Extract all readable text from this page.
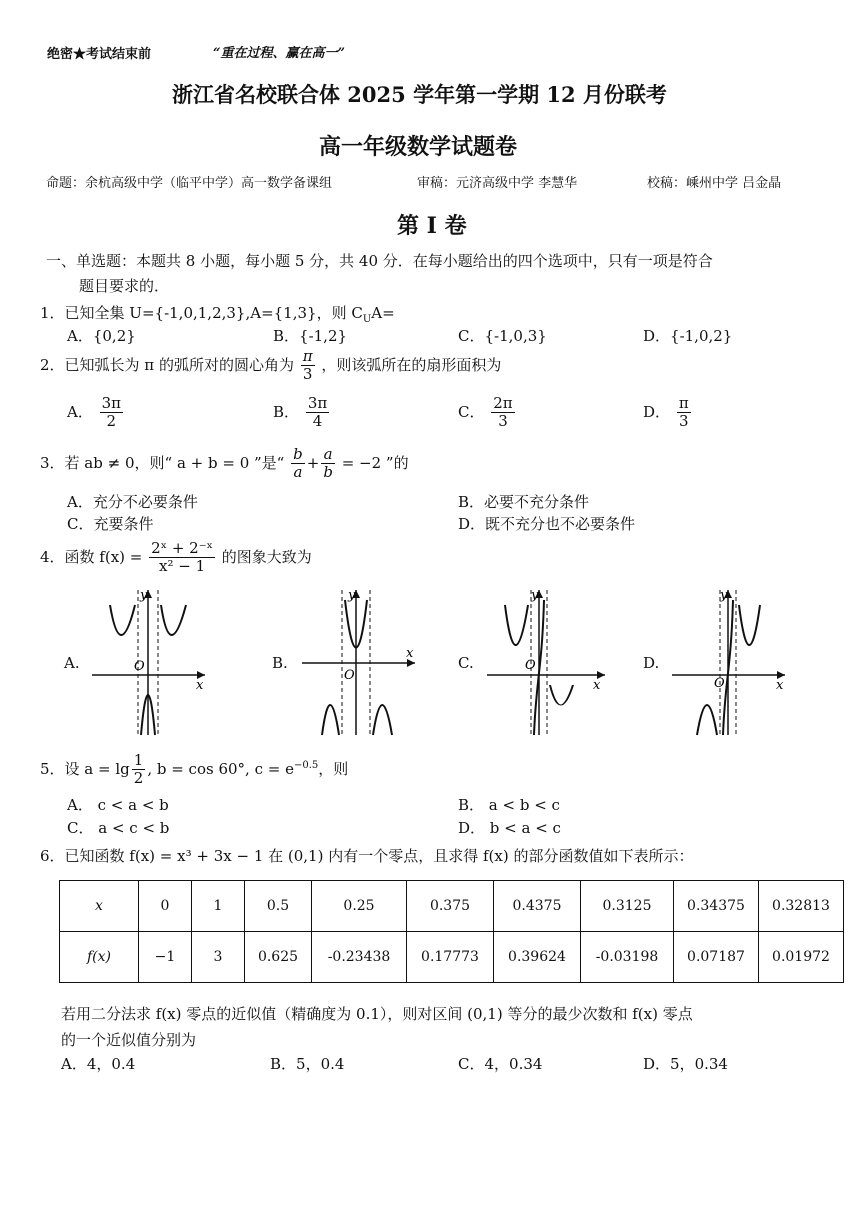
绝密★考试结束前	“重在过程、赢在高一”
浙江省名校联合体 2025 学年第一学期 12 月份联考
高一年级数学试题卷
命题：余杭高级中学（临平中学）高一数学备课组	审稿：元济高级中学 李慧华	校稿：嵊州中学 吕金晶
第 I 卷
一、单选题：本题共 8 小题，每小题 5 分，共 40 分．在每小题给出的四个选项中，只有一项是符合
题目要求的．
1．已知全集 U={-1,0,1,2,3},A={1,3}，则 $C_UA=$
A．{0,2}	B．{-1,2}	C．{-1,0,3}	D．{-1,0,2}
2．已知弧长为 π 的弧所对的圆心角为 $\frac{\pi}{3}$ ，则该弧所在的扇形面积为
A． $\frac{3\pi}{2}$	B． $\frac{3\pi}{4}$	C． $\frac{2\pi}{3}$	D． $\frac{\pi}{3}$
3．若 ab ≠ 0，则“ a + b = 0 ”是“ $\frac{b}{a} + \frac{a}{b} = -2$ ”的
A．充分不必要条件	B．必要不充分条件
C．充要条件	D．既不充分也不必要条件
4．函数 $f(x) = \frac{\text{2ˣ + 2⁻ˣ}}{\text{x² − 1}}$ 的图象大致为
A.	O
x
y
B.
O
x
y
C.	O
x
y
D.
O	x
y
5．设 $a = \lg \frac{1}{2}$ , b = cos 60°, $c = e^{-0.5}$，则
A． c < a < b	B． a < b < c
C． a < c < b	D． b < a < c
6．已知函数 f(x) = x³ + 3x − 1 在 (0,1) 内有一个零点，且求得 f(x) 的部分函数值如下表所示：
x	0	1	0.5	0.25	0.375	0.4375	0.3125	0.34375	0.32813
f(x)	−1	3	0.625	-0.23438	0.17773	0.39624	-0.03198	0.07187	0.01972
若用二分法求 f(x) 零点的近似值（精确度为 0.1），则对区间 (0,1) 等分的最少次数和 f(x) 零点
的一个近似值分别为
A．4，0.4	B．5，0.4	C．4，0.34	D．5，0.34
